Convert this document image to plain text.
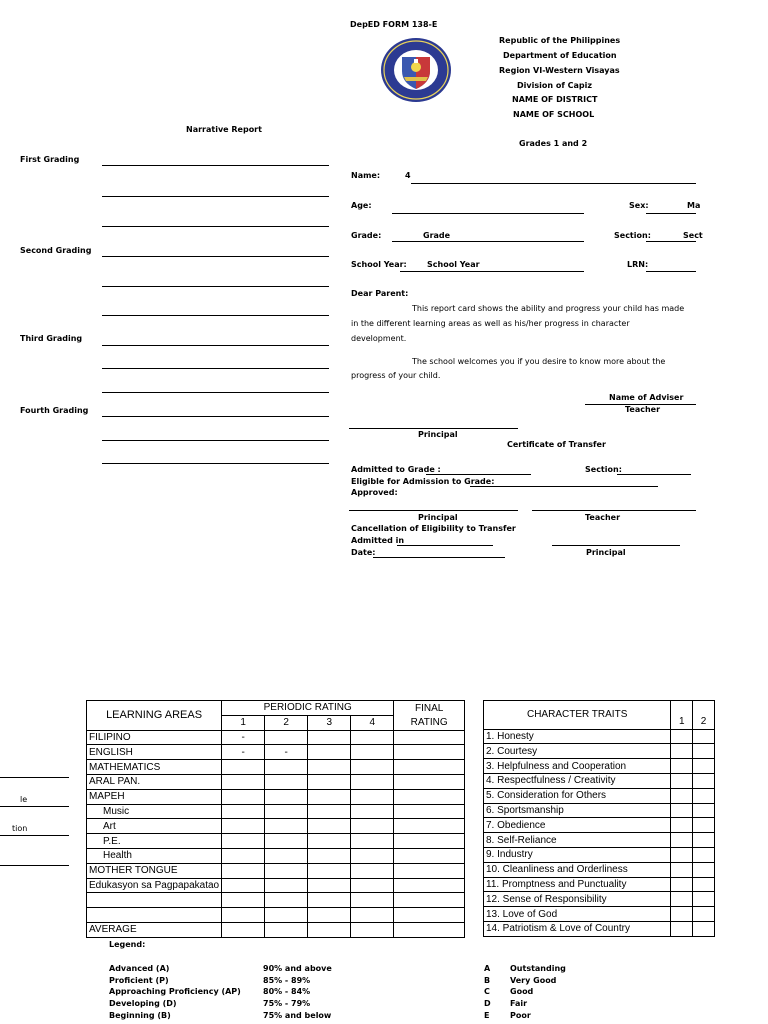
DepED FORM 138-E
Republic of the Philippines
Department of Education
Region VI-Western Visayas
Division of Capiz
NAME OF DISTRICT
NAME OF SCHOOL
Grades 1 and 2
Narrative Report
First Grading
Second Grading
Third Grading
Fourth Grading
Name:	4
Age:	Sex:	Ma
Grade:	Grade	Section:	Sect
School Year:	School Year	LRN:
Dear Parent:
This report card shows the ability and progress your child has made
in the different learning areas as well as his/her progress in character
development.
The school welcomes you if you desire to know more about the
progress of your child.
Name of Adviser
Teacher
Principal
Certificate of Transfer
Admitted to Grade :	Section:
Eligible for Admission to Grade:
Approved:
Principal	Teacher
Cancellation of Eligibility to Transfer
Admitted in
Date:	Principal
le
tion
LEARNING AREAS	PERIODIC RATING				FINAL
	1	2	3	4	RATING
FILIPINO	-				
ENGLISH	-	-			
MATHEMATICS					
ARAL PAN.					
MAPEH					
Music					
Art					
P.E.					
Health					
MOTHER TONGUE					
Edukasyon sa Pagpapakatao					

AVERAGE					
CHARACTER TRAITS		
	1	2
1. Honesty		
2. Courtesy		
3. Helpfulness and Cooperation		
4. Respectfulness / Creativity		
5. Consideration for Others		
6. Sportsmanship		
7. Obedience		
8. Self-Reliance		
9. Industry		
10. Cleanliness and Orderliness		
11. Promptness and Punctuality		
12. Sense of Responsibility		
13. Love of God		
14. Patriotism & Love of Country		
Legend:
Advanced (A)	90% and above
Proficient (P)	85% - 89%
Approaching Proficiency (AP)	80% - 84%
Developing (D)	75% - 79%
Beginning (B)	75% and below
A Outstanding
B Very Good
C	Good
D Fair
E	Poor
